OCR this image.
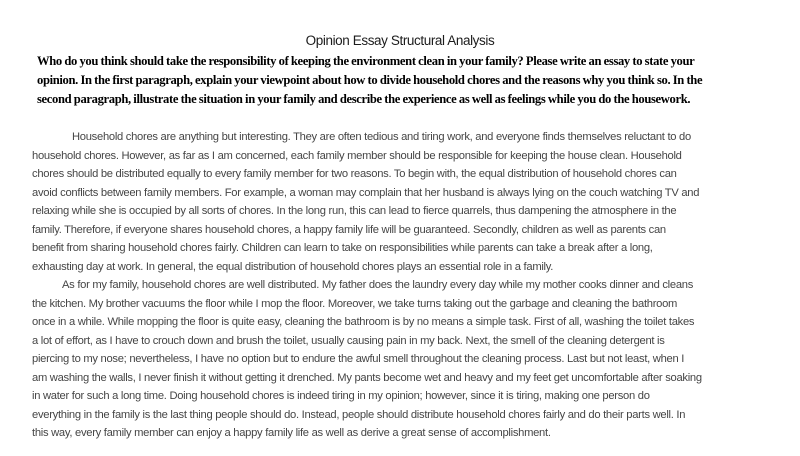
Opinion Essay Structural Analysis
Who do you think should take the responsibility of keeping the environment clean in your family? Please write an essay to state your
opinion. In the first paragraph, explain your viewpoint about how to divide household chores and the reasons why you think so. In the
second paragraph, illustrate the situation in your family and describe the experience as well as feelings while you do the housework.
Household chores are anything but interesting. They are often tedious and tiring work, and everyone finds themselves reluctant to do
household chores. However, as far as I am concerned, each family member should be responsible for keeping the house clean. Household
chores should be distributed equally to every family member for two reasons. To begin with, the equal distribution of household chores can
avoid conflicts between family members. For example, a woman may complain that her husband is always lying on the couch watching TV and
relaxing while she is occupied by all sorts of chores. In the long run, this can lead to fierce quarrels, thus dampening the atmosphere in the
family. Therefore, if everyone shares household chores, a happy family life will be guaranteed. Secondly, children as well as parents can
benefit from sharing household chores fairly. Children can learn to take on responsibilities while parents can take a break after a long,
exhausting day at work. In general, the equal distribution of household chores plays an essential role in a family.
As for my family, household chores are well distributed. My father does the laundry every day while my mother cooks dinner and cleans
the kitchen. My brother vacuums the floor while I mop the floor. Moreover, we take turns taking out the garbage and cleaning the bathroom
once in a while. While mopping the floor is quite easy, cleaning the bathroom is by no means a simple task. First of all, washing the toilet takes
a lot of effort, as I have to crouch down and brush the toilet, usually causing pain in my back. Next, the smell of the cleaning detergent is
piercing to my nose; nevertheless, I have no option but to endure the awful smell throughout the cleaning process. Last but not least, when I
am washing the walls, I never finish it without getting it drenched. My pants become wet and heavy and my feet get uncomfortable after soaking
in water for such a long time. Doing household chores is indeed tiring in my opinion; however, since it is tiring, making one person do
everything in the family is the last thing people should do. Instead, people should distribute household chores fairly and do their parts well. In
this way, every family member can enjoy a happy family life as well as derive a great sense of accomplishment.
